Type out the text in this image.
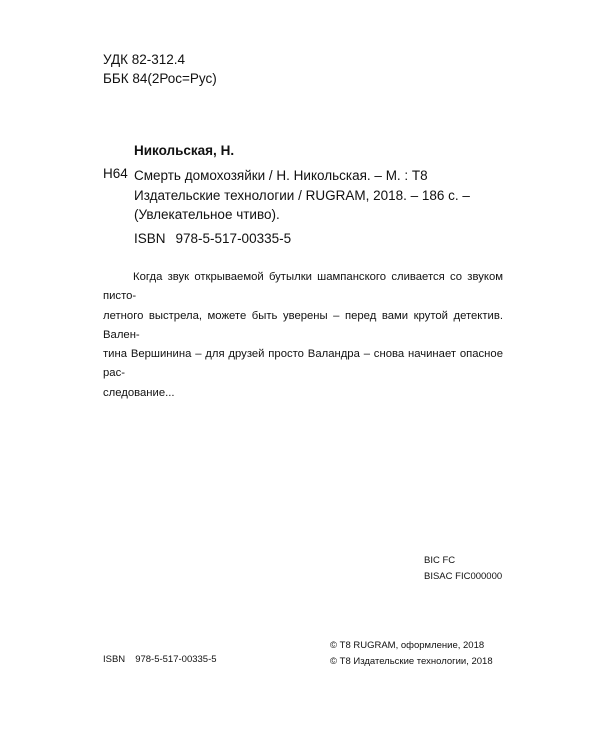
УДК 82-312.4
ББК 84(2Рос=Рус)
Никольская, Н.
Н64 Смерть домохозяйки / Н. Никольская. – М. : Т8 Издательские технологии / RUGRAM, 2018. – 186 с. – (Увлекательное чтиво).
ISBN 978-5-517-00335-5
Когда звук открываемой бутылки шампанского сливается со звуком писто-
летного выстрела, можете быть уверены – перед вами крутой детектив. Вален-
тина Вершинина – для друзей просто Валандра – снова начинает опасное рас-
следование...
BIC FC
BISAC FIC000000
© Т8 RUGRAM, оформление, 2018
© Т8 Издательские технологии, 2018
ISBN 978-5-517-00335-5
